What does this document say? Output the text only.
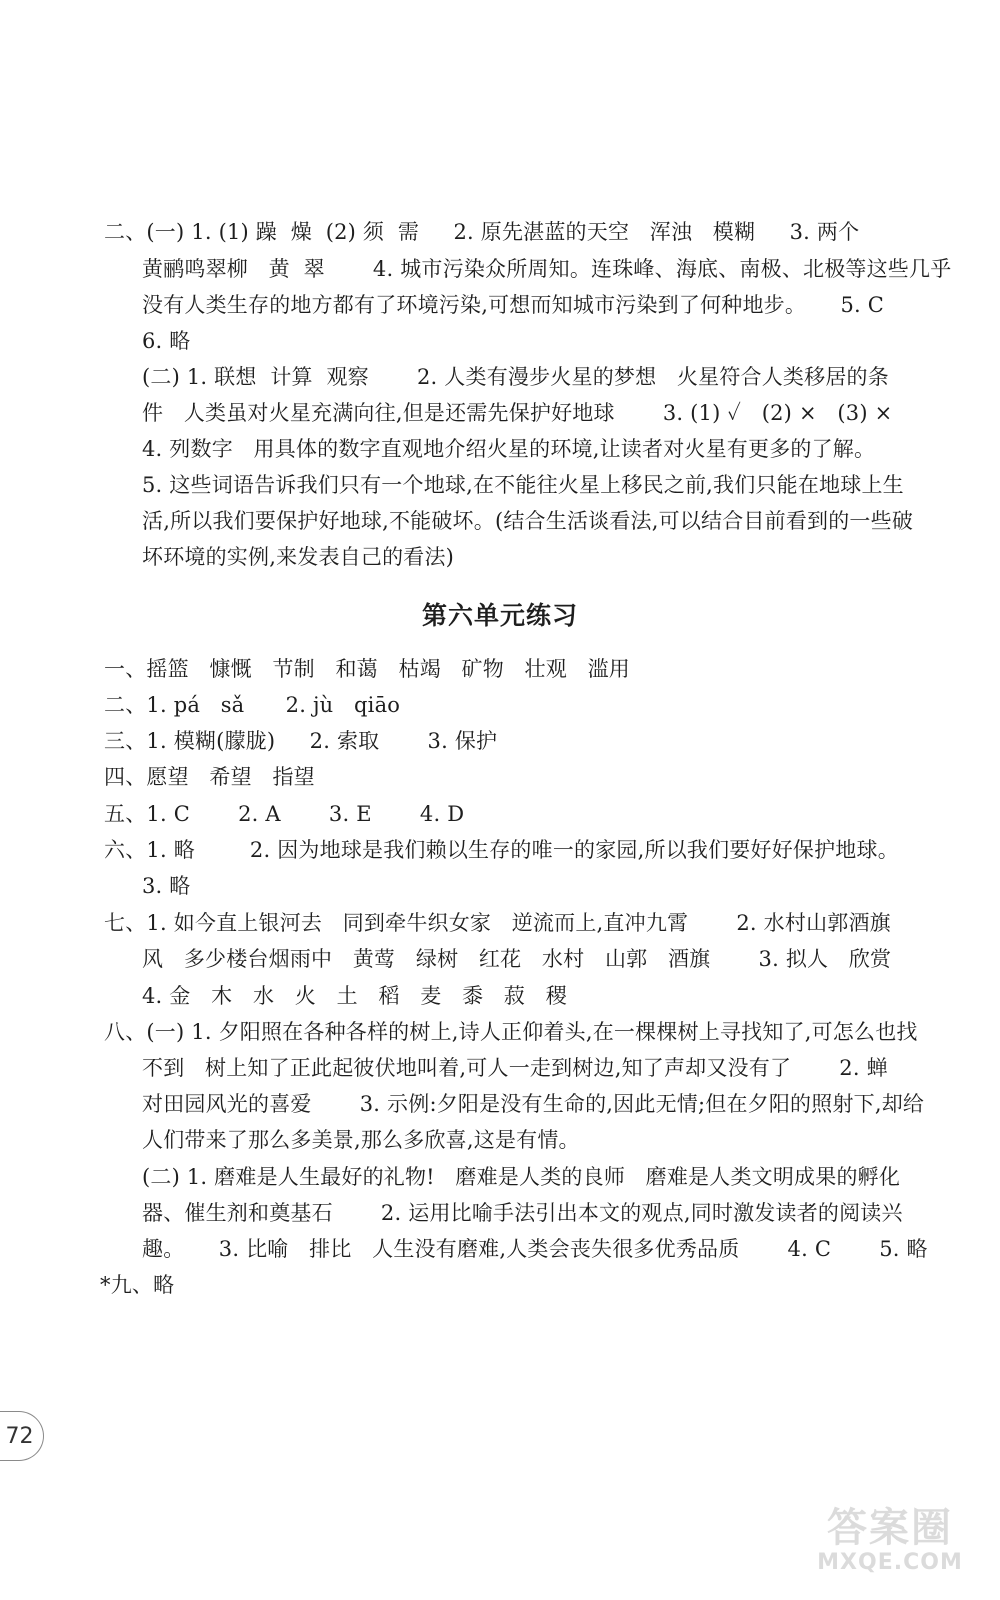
二、(一) 1. (1) 躁  燥  (2) 须  需     2. 原先湛蓝的天空   浑浊   模糊     3. 两个
黄鹂鸣翠柳   黄  翠       4. 城市污染众所周知。连珠峰、海底、南极、北极等这些几乎
没有人类生存的地方都有了环境污染,可想而知城市污染到了何种地步。     5. C
6. 略
(二) 1. 联想  计算  观察       2. 人类有漫步火星的梦想   火星符合人类移居的条
件   人类虽对火星充满向往,但是还需先保护好地球       3. (1) ✓   (2) ×   (3) ×
4. 列数字   用具体的数字直观地介绍火星的环境,让读者对火星有更多的了解。
5. 这些词语告诉我们只有一个地球,在不能往火星上移民之前,我们只能在地球上生
活,所以我们要保护好地球,不能破坏。(结合生活谈看法,可以结合目前看到的一些破
坏环境的实例,来发表自己的看法)
第六单元练习
一、摇篮   慷慨   节制   和蔼   枯竭   矿物   壮观   滥用
二、1. pá   sǎ      2. jù   qiāo
三、1. 模糊(朦胧)     2. 索取       3. 保护
四、愿望   希望   指望
五、1. C       2. A       3. E       4. D
六、1. 略        2. 因为地球是我们赖以生存的唯一的家园,所以我们要好好保护地球。
3. 略
七、1. 如今直上银河去   同到牵牛织女家   逆流而上,直冲九霄       2. 水村山郭酒旗
风   多少楼台烟雨中   黄莺   绿树   红花   水村   山郭   酒旗       3. 拟人   欣赏
4. 金   木   水   火   土   稻   麦   黍   菽   稷
八、(一) 1. 夕阳照在各种各样的树上,诗人正仰着头,在一棵棵树上寻找知了,可怎么也找
不到   树上知了正此起彼伏地叫着,可人一走到树边,知了声却又没有了       2. 蝉
对田园风光的喜爱       3. 示例:夕阳是没有生命的,因此无情;但在夕阳的照射下,却给
人们带来了那么多美景,那么多欣喜,这是有情。
(二) 1. 磨难是人生最好的礼物!   磨难是人类的良师   磨难是人类文明成果的孵化
器、催生剂和奠基石       2. 运用比喻手法引出本文的观点,同时激发读者的阅读兴
趣。     3. 比喻   排比   人生没有磨难,人类会丧失很多优秀品质       4. C       5. 略
*九、略
72
答案圈
MXQE.COM
